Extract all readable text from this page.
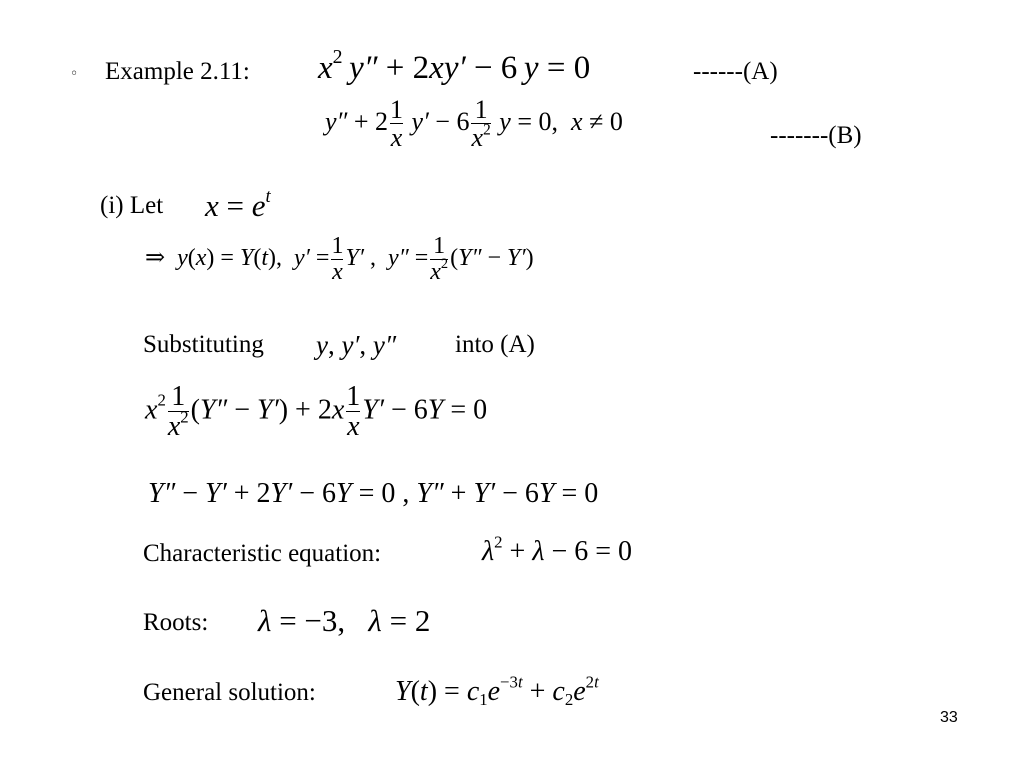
◦ Example 2.11: $x^2$ y″ + 2xy′ − 6 y = 0	------(A)
$y'' + 2 \frac{1}{x} y' - 6 \frac{1}{x^2}$ y = 0,  x ≠ 0	-------(B)
(i) Let $x = e^t$
⇒  y(x) = Y(t),  $y' = \frac{1}{x} Y'$ ,  $y'' = \frac{1}{x^2} (Y'' - Y')$
Substituting y, y′, y″ into (A)
$x^2 \frac{1}{x^2} (Y'' - Y') + 2x \frac{1}{x} Y' - 6Y = 0$
Y″ − Y′ + 2Y′ − 6Y = 0 , Y″ + Y′ − 6Y = 0
Characteristic equation:	$\lambda^2 + \lambda - 6 = 0$
Roots: λ = −3,   λ = 2
General solution:	$Y(t) = c_1e^{-3t} + c_2e^{2t}$
33
